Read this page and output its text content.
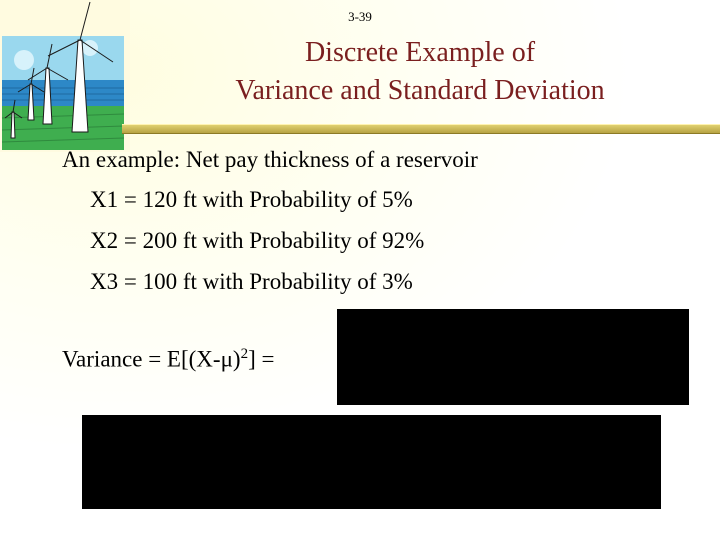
3-39
Discrete Example of
Variance and Standard Deviation
An example: Net pay thickness of a reservoir
X1 = 120 ft with Probability of 5%
X2 = 200 ft with Probability of 92%
X3 = 100 ft with Probability of 3%
Variance = $E[(X-\mu)^2]$ =
